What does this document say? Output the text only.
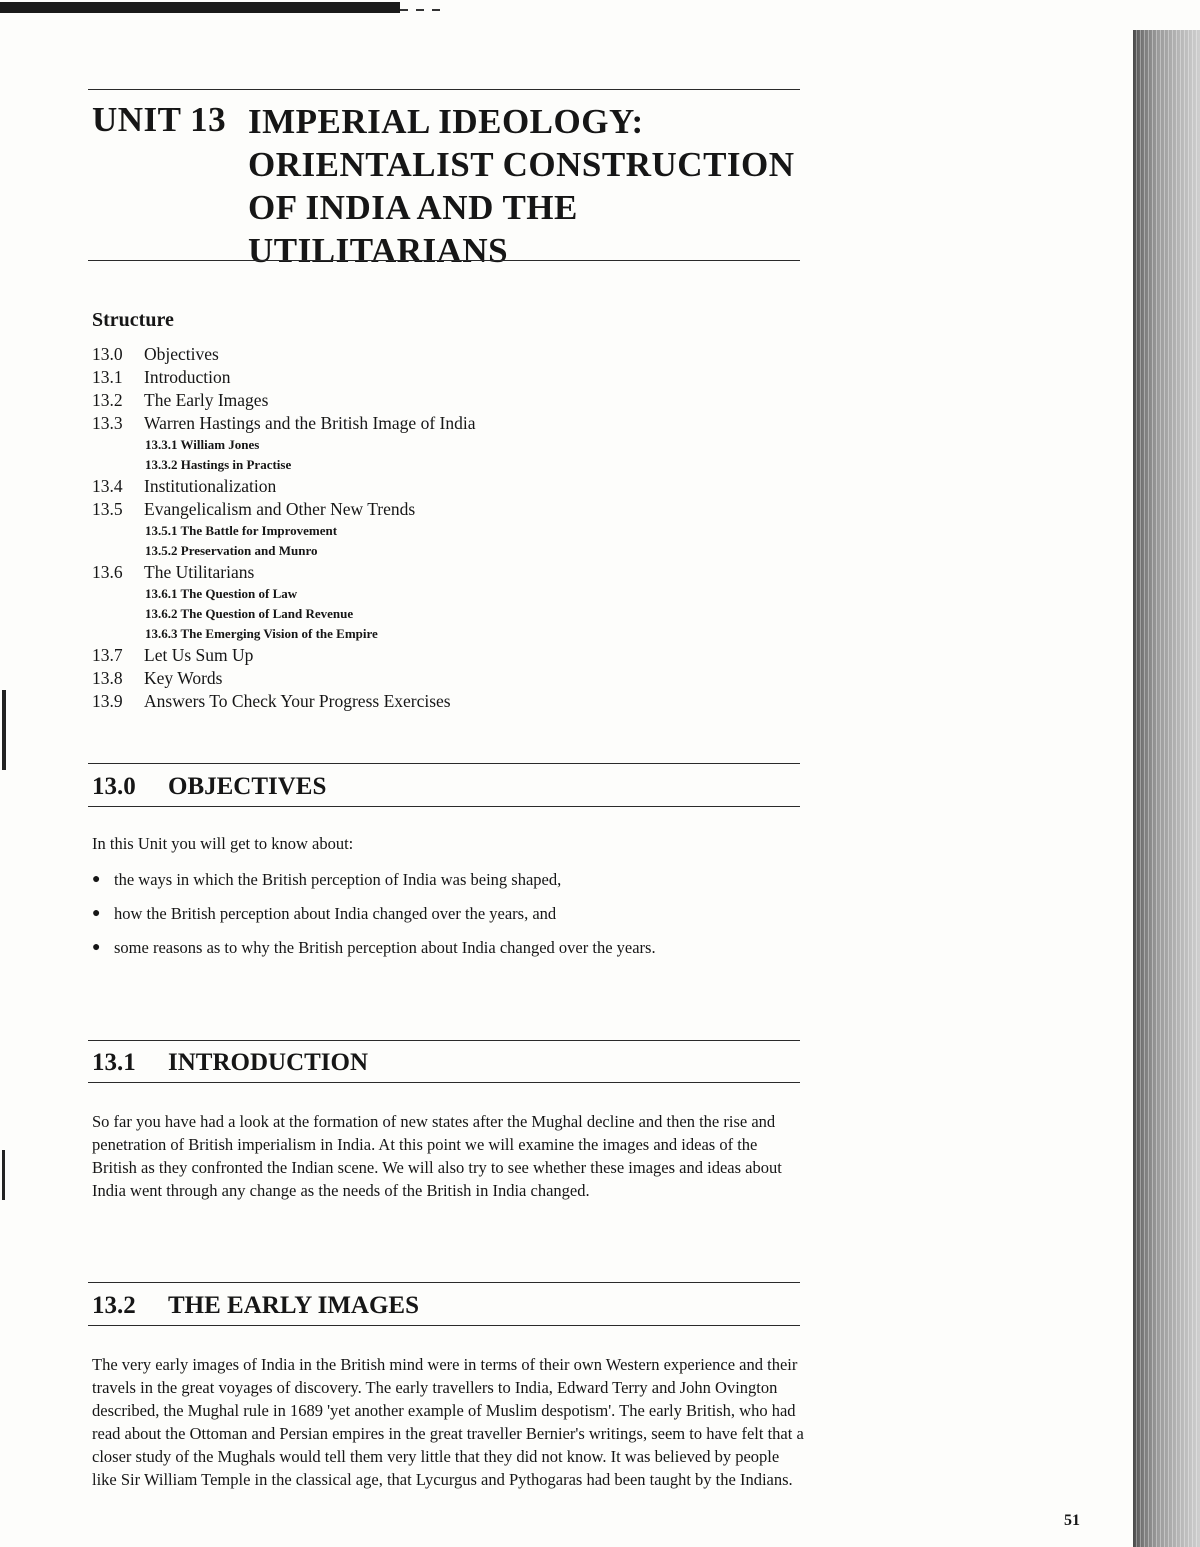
UNIT 13 IMPERIAL IDEOLOGY:
ORIENTALIST CONSTRUCTION
OF INDIA AND THE
UTILITARIANS
Structure
13.0 Objectives
13.1 Introduction
13.2 The Early Images
13.3 Warren Hastings and the British Image of India
13.3.1 William Jones
13.3.2 Hastings in Practise
13.4 Institutionalization
13.5 Evangelicalism and Other New Trends
13.5.1 The Battle for Improvement
13.5.2 Preservation and Munro
13.6 The Utilitarians
13.6.1 The Question of Law
13.6.2 The Question of Land Revenue
13.6.3 The Emerging Vision of the Empire
13.7 Let Us Sum Up
13.8 Key Words
13.9 Answers To Check Your Progress Exercises
13.0 OBJECTIVES
In this Unit you will get to know about:
● the ways in which the British perception of India was being shaped,
● how the British perception about India changed over the years, and
● some reasons as to why the British perception about India changed over the years.
13.1 INTRODUCTION
So far you have had a look at the formation of new states after the Mughal decline and then the rise and penetration of British imperialism in India. At this point we will examine the images and ideas of the British as they confronted the Indian scene. We will also try to see whether these images and ideas about India went through any change as the needs of the British in India changed.
13.2 THE EARLY IMAGES
The very early images of India in the British mind were in terms of their own Western experience and their travels in the great voyages of discovery. The early travellers to India, Edward Terry and John Ovington described, the Mughal rule in 1689 'yet another example of Muslim despotism'. The early British, who had read about the Ottoman and Persian empires in the great traveller Bernier's writings, seem to have felt that a closer study of the Mughals would tell them very little that they did not know. It was believed by people like Sir William Temple in the classical age, that Lycurgus and Pythogaras had been taught by the Indians.
51
